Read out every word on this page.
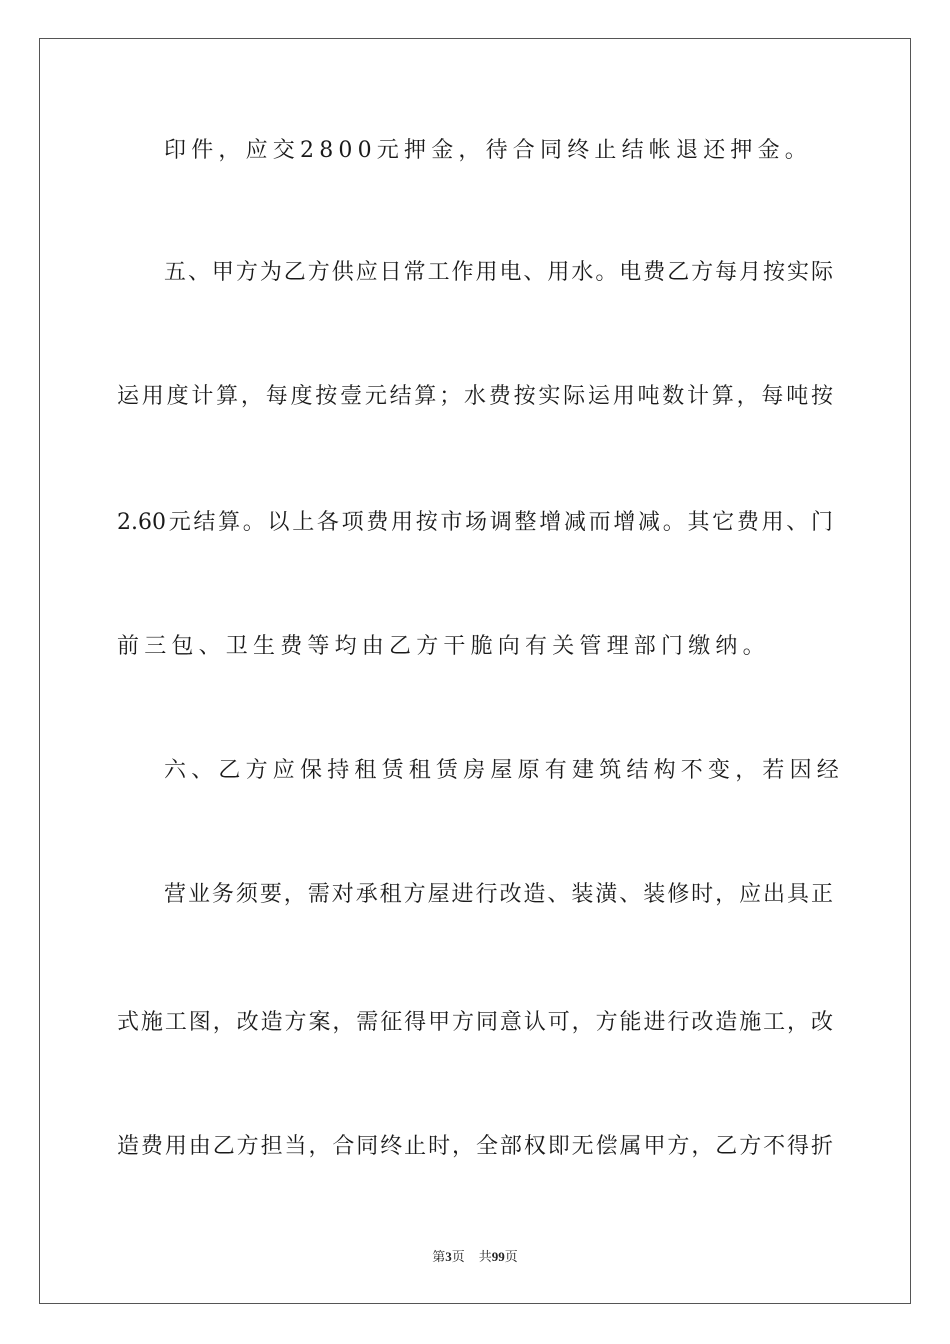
印件，应交2800元押金，待合同终止结帐退还押金。
五、甲方为乙方供应日常工作用电、用水。电费乙方每月按实际
运用度计算，每度按壹元结算；水费按实际运用吨数计算，每吨按
2.60元结算。以上各项费用按市场调整增减而增减。其它费用、门
前三包、卫生费等均由乙方干脆向有关管理部门缴纳。
六、乙方应保持租赁租赁房屋原有建筑结构不变，若因经
营业务须要，需对承租方屋进行改造、装潢、装修时，应出具正
式施工图，改造方案，需征得甲方同意认可，方能进行改造施工，改
造费用由乙方担当，合同终止时，全部权即无偿属甲方，乙方不得折
第3页 共99页
